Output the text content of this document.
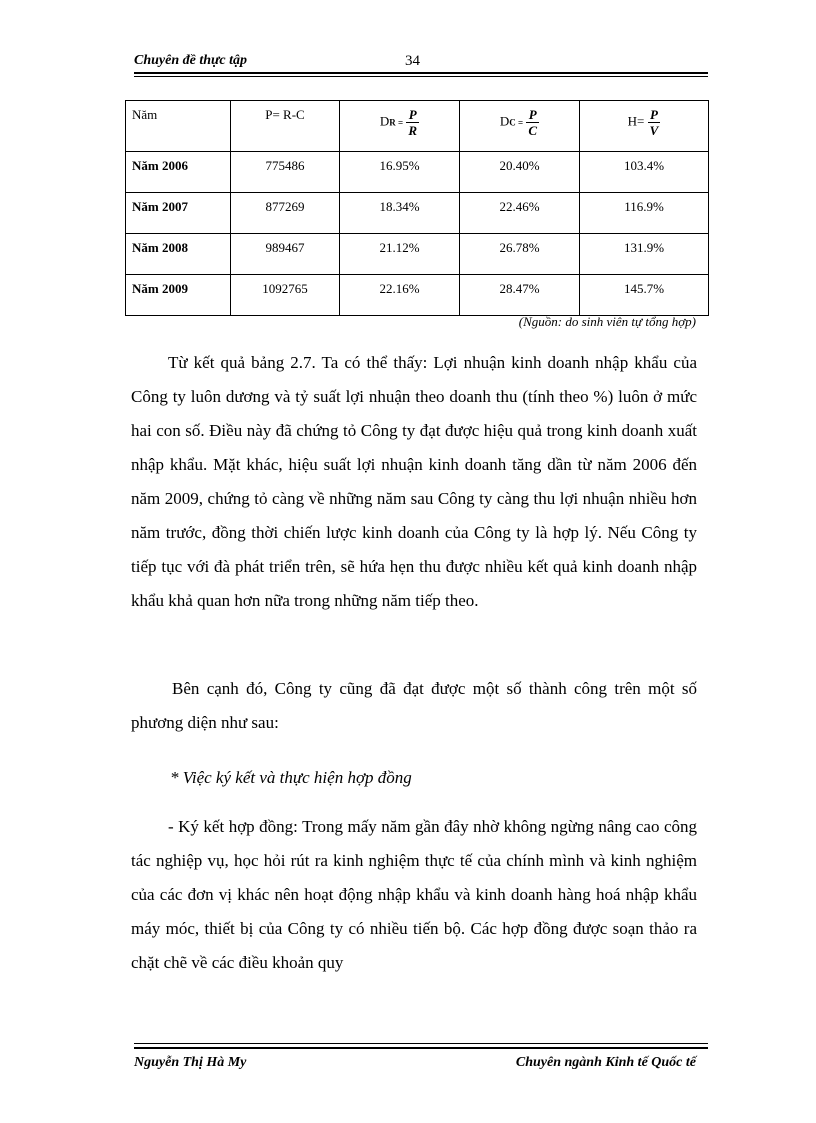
Chuyên đề thực tập	34
Năm	P= R-C	DR = $\frac{P}{R}$	DC = $\frac{P}{C}$	$H= \frac{P}{V}$

Năm 2006	775486	16.95%	20.40%	103.4%
Năm 2007	877269	18.34%	22.46%	116.9%
Năm 2008	989467	21.12%	26.78%	131.9%
Năm 2009	1092765	22.16%	28.47%	145.7%
(Nguồn: do sinh viên tự tổng hợp)

Từ kết quả bảng 2.7. Ta có thể thấy: Lợi nhuận kinh doanh nhập khẩu của Công ty luôn dương và tỷ suất lợi nhuận theo doanh thu (tính theo %) luôn ở mức hai con số. Điều này đã chứng tỏ Công ty đạt được hiệu quả trong kinh doanh xuất nhập khẩu. Mặt khác, hiệu suất lợi nhuận kinh doanh tăng dần từ năm 2006 đến năm 2009, chứng tỏ càng về những năm sau Công ty càng thu lợi nhuận nhiều hơn năm trước, đồng thời chiến lược kinh doanh của Công ty là hợp lý. Nếu Công ty tiếp tục với đà phát triển trên, sẽ hứa hẹn thu được nhiều kết quả kinh doanh nhập khẩu khả quan hơn nữa trong những năm tiếp theo.

Bên cạnh đó, Công ty cũng đã đạt được một số thành công trên một số phương diện như sau:

* Việc ký kết và thực hiện hợp đồng

- Ký kết hợp đồng: Trong mấy năm gần đây nhờ không ngừng nâng cao công tác nghiệp vụ, học hỏi rút ra kinh nghiệm thực tế của chính mình và kinh nghiệm của các đơn vị khác nên hoạt động nhập khẩu và kinh doanh hàng hoá nhập khẩu máy móc, thiết bị của Công ty có nhiều tiến bộ. Các hợp đồng được soạn thảo ra chặt chẽ về các điều khoản quy

Nguyễn Thị Hà My	Chuyên ngành Kinh tế Quốc tế
